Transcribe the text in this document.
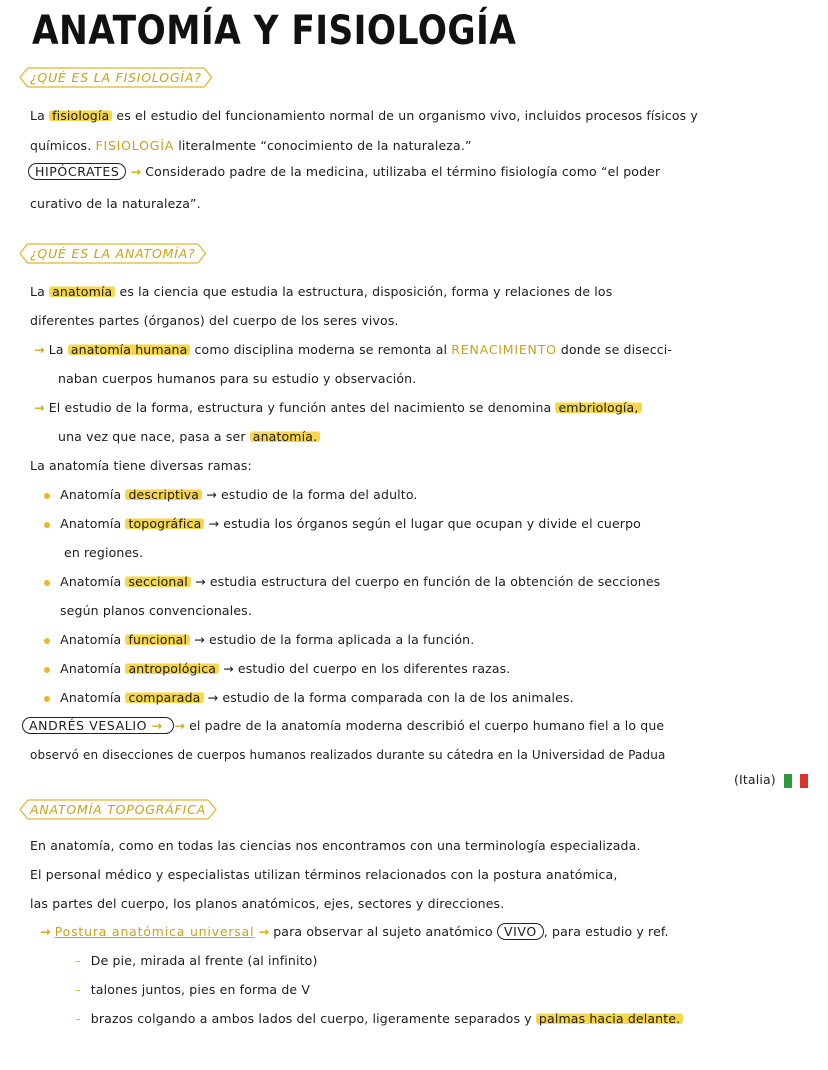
ANATOMÍA Y FISIOLOGÍA
¿QUÉ ES LA FISIOLOGÍA?
La fisiología es el estudio del funcionamiento normal de un organismo vivo, incluidos procesos físicos y
químicos. FISIOLOGÍA literalmente “conocimiento de la naturaleza.”
HIPÓCRATES → Considerado padre de la medicina, utilizaba el término fisiología como “el poder
curativo de la naturaleza”.
¿QUÉ ES LA ANATOMÍA?
La anatomía es la ciencia que estudia la estructura, disposición, forma y relaciones de los
diferentes partes (órganos) del cuerpo de los seres vivos.
→ La anatomía humana como disciplina moderna se remonta al RENACIMIENTO donde se disecci-
naban cuerpos humanos para su estudio y observación.
→ El estudio de la forma, estructura y función antes del nacimiento se denomina embriología,
una vez que nace, pasa a ser anatomía.
La anatomía tiene diversas ramas:
Anatomía descriptiva → estudio de la forma del adulto.
Anatomía topográfica → estudia los órganos según el lugar que ocupan y divide el cuerpo
en regiones.
Anatomía seccional → estudia estructura del cuerpo en función de la obtención de secciones
según planos convencionales.
Anatomía funcional → estudio de la forma aplicada a la función.
Anatomía antropológica → estudio del cuerpo en los diferentes razas.
Anatomía comparada → estudio de la forma comparada con la de los animales.
ANDRÉS VESALIO → → el padre de la anatomía moderna describió el cuerpo humano fiel a lo que
observó en disecciones de cuerpos humanos realizados durante su cátedra en la Universidad de Padua
(Italia)
ANATOMÍA TOPOGRÁFICA
En anatomía, como en todas las ciencias nos encontramos con una terminología especializada.
El personal médico y especialistas utilizan términos relacionados con la postura anatómica,
las partes del cuerpo, los planos anatómicos, ejes, sectores y direcciones.
→ Postura anatómica universal → para observar al sujeto anatómico VIVO , para estudio y ref.
- De pie, mirada al frente (al infinito)
- talones juntos, pies en forma de V
- brazos colgando a ambos lados del cuerpo, ligeramente separados y palmas hacia delante.
